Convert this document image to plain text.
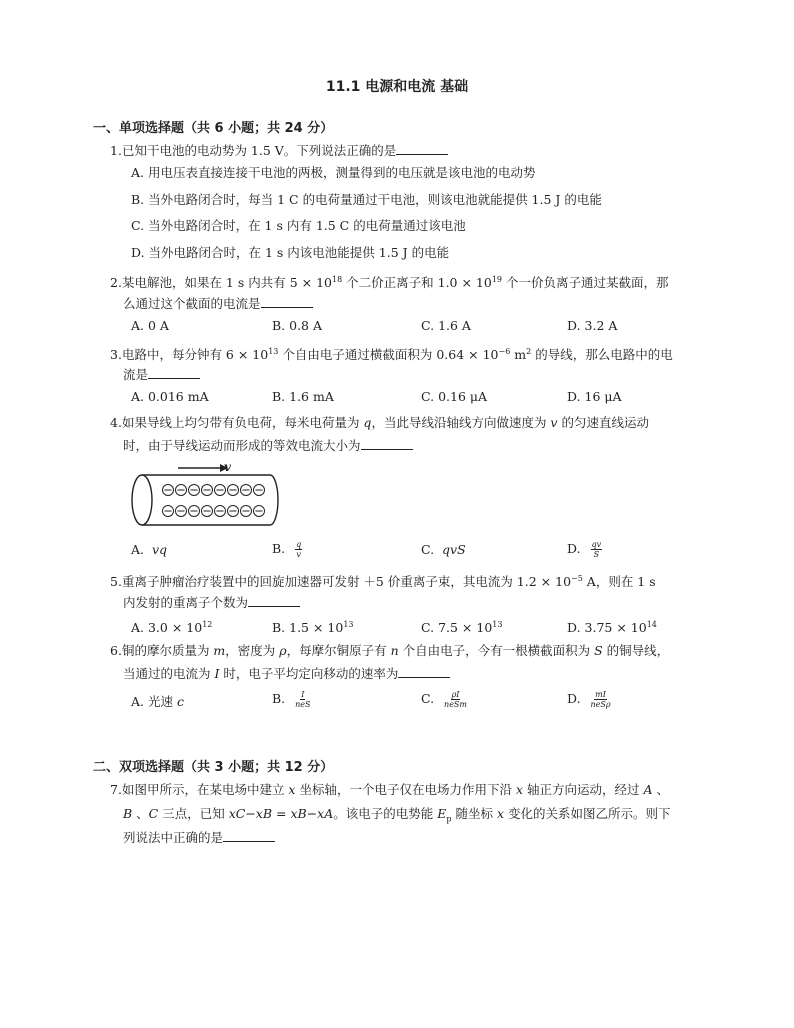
11.1 电源和电流 基础
一、单项选择题（共 6 小题；共 24 分）
1.已知干电池的电动势为 1.5 V。下列说法正确的是
A. 用电压表直接连接干电池的两极，测量得到的电压就是该电池的电动势
B. 当外电路闭合时，每当 1 C 的电荷量通过干电池，则该电池就能提供 1.5 J 的电能
C. 当外电路闭合时，在 1 s 内有 1.5 C 的电荷量通过该电池
D. 当外电路闭合时，在 1 s 内该电池能提供 1.5 J 的电能
2.某电解池，如果在 1 s 内共有 $5 \times 10^{18}$ 个二价正离子和 $1.0 \times 10^{19}$ 个一价负离子通过某截面，那
么通过这个截面的电流是
A. 0 A	B. 0.8 A	C. 1.6 A	D. 3.2 A
3.电路中，每分钟有 $6 \times 10^{13}$ 个自由电子通过横截面积为 $0.64 \times 10^{-6}$ $m^2$ 的导线，那么电路中的电
流是
A. 0.016 mA	B. 1.6 mA	C. 0.16 μA	D. 16 μA
4.如果导线上均匀带有负电荷，每米电荷量为 q，当此导线沿轴线方向做速度为 v 的匀速直线运动
时，由于导线运动而形成的等效电流大小为
v
A. vq	B. $\frac{q}{v}$	C. qvS	D. $\frac{qv}{S}$
5.重离子肿瘤治疗装置中的回旋加速器可发射 ＋5 价重离子束，其电流为 $1.2 \times 10^{-5}$ A，则在 1 s
内发射的重离子个数为
A. $3.0 \times 10^{12}$	B. $1.5 \times 10^{13}$	C. $7.5 \times 10^{13}$	D. $3.75 \times 10^{14}$
6.铜的摩尔质量为 m，密度为 ρ，每摩尔铜原子有 n 个自由电子，今有一根横截面积为 S 的铜导线，
当通过的电流为 I 时，电子平均定向移动的速率为
A. 光速 c	B. $\frac{I}{\text{neS}}$	C. $\frac{\rho I}{\text{neSm}}$	D. $\frac{mI}{\text{neSρ}}$
二、双项选择题（共 3 小题；共 12 分）
7.如图甲所示，在某电场中建立 x 坐标轴，一个电子仅在电场力作用下沿 x 轴正方向运动，经过 A 、
B 、C 三点，已知 xC−xB = xB−xA。该电子的电势能 $E_p$ 随坐标 x 变化的关系如图乙所示。则下
列说法中正确的是
